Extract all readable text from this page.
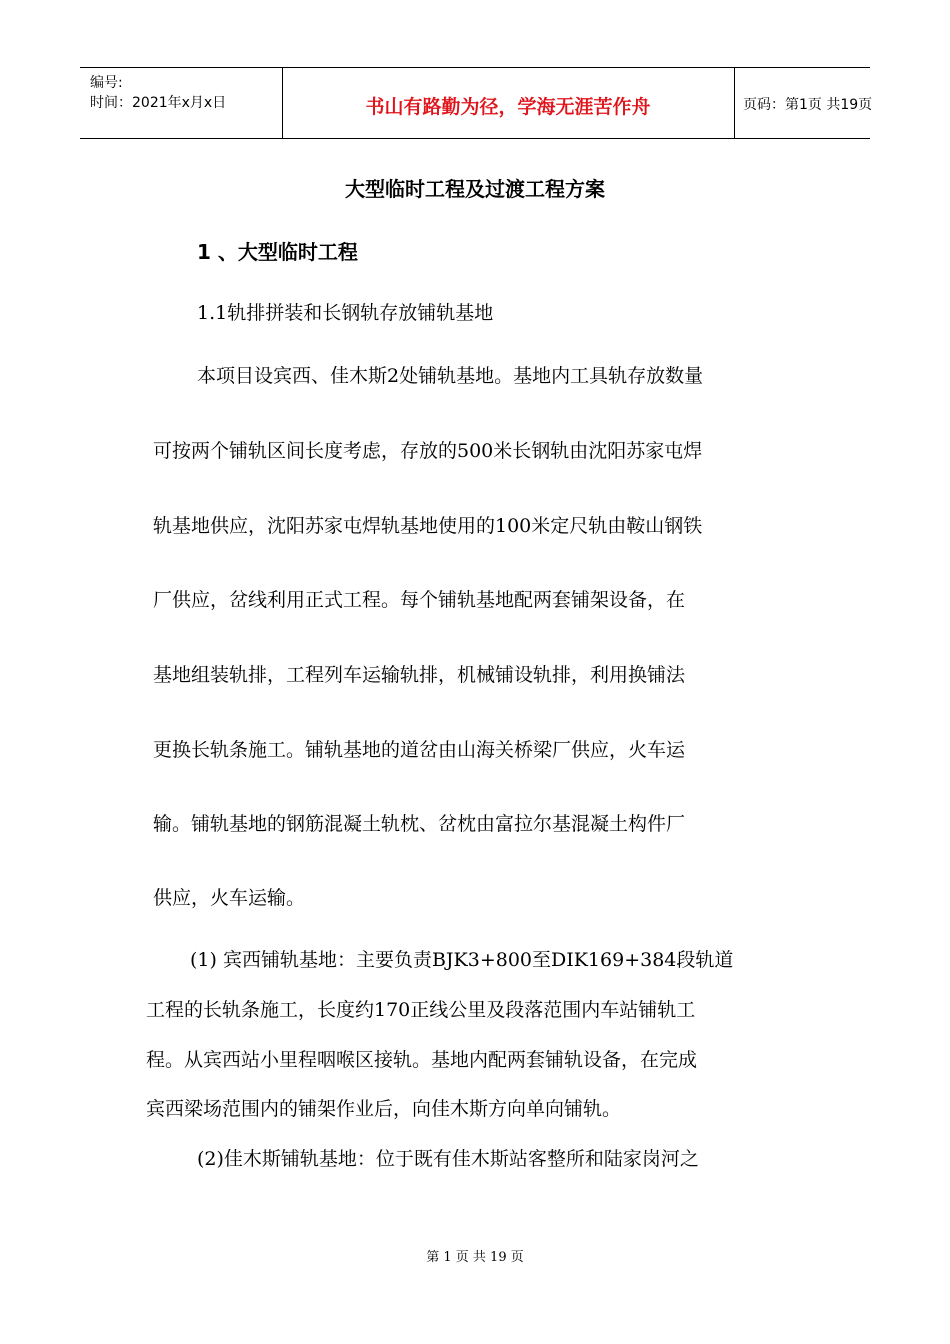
编号:
时间：2021年x月x日	书山有路勤为径，学海无涯苦作舟	页码：第1页 共19页
大型临时工程及过渡工程方案
1 、大型临时工程
1.1轨排拼装和长钢轨存放铺轨基地
本项目设宾西、佳木斯2处铺轨基地。基地内工具轨存放数量
可按两个铺轨区间长度考虑，存放的500米长钢轨由沈阳苏家屯焊
轨基地供应，沈阳苏家屯焊轨基地使用的100米定尺轨由鞍山钢铁
厂供应，岔线利用正式工程。每个铺轨基地配两套铺架设备，在
基地组装轨排，工程列车运输轨排，机械铺设轨排，利用换铺法
更换长轨条施工。铺轨基地的道岔由山海关桥梁厂供应，火车运
输。铺轨基地的钢筋混凝土轨枕、岔枕由富拉尔基混凝土构件厂
供应，火车运输。
(1) 宾西铺轨基地：主要负责BJK3+800至DIK169+384段轨道
工程的长轨条施工，长度约170正线公里及段落范围内车站铺轨工
程。从宾西站小里程咽喉区接轨。基地内配两套铺轨设备，在完成
宾西梁场范围内的铺架作业后，向佳木斯方向单向铺轨。
(2)佳木斯铺轨基地：位于既有佳木斯站客整所和陆家岗河之
第 1 页 共 19 页
